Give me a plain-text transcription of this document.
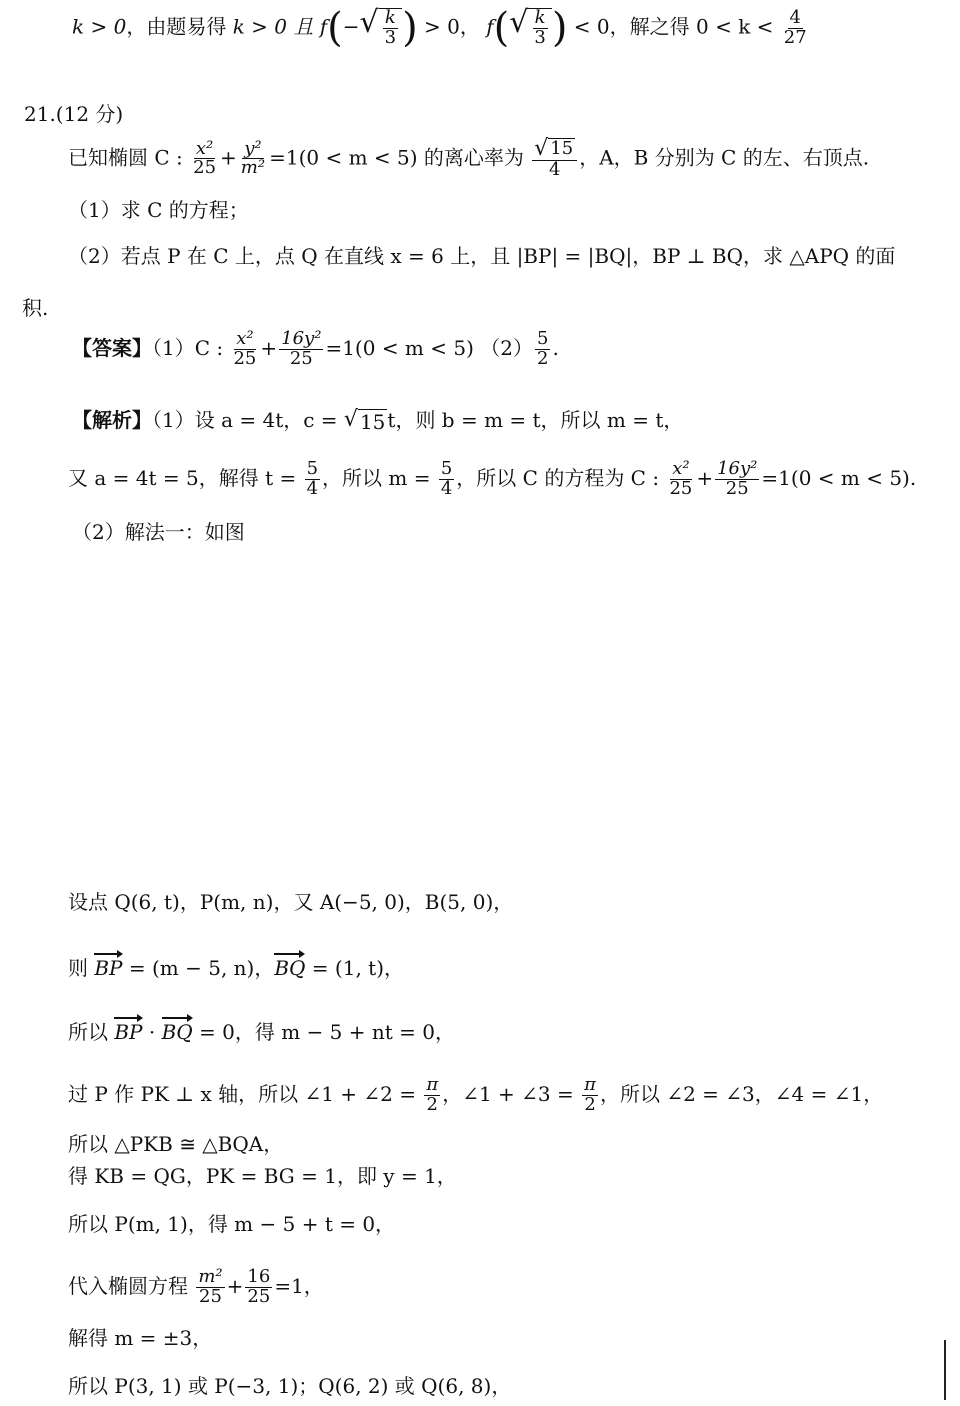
k > 0，由题易得 k > 0 且 f(− √ $\frac{k}{3}$ ) > 0， f( √ $\frac{k}{3}$ ) < 0，解之得 $0 < k < \frac{4}{27}$
21.(12 分)
已知椭圆 C : $\frac{\text{x²}}{25} + \frac{\text{y²}}{\text{m²}} =1(0 < m < 5)$ 的离心率为 $\frac{√ 15}{4}$ ，A，B 分别为 C 的左、右顶点.
（1）求 C 的方程；
（2）若点 P 在 C 上，点 Q 在直线 x = 6 上，且 |BP| = |BQ|，BP ⊥ BQ，求 △APQ 的面
积.
【答案】（1）C : $\frac{\text{x²}}{25} + \frac{\text{16y²}}{25} =1(0 < m < 5)$ $(2) \frac{5}{2}$ .
【解析】（1）设 a = 4t，c = √ 15 t，则 b = m = t，所以 m = t，
又 a = 4t = 5，解得 $t = \frac{5}{4}$ ，所以 $m = \frac{5}{4}$ ，所以 C 的方程为 C : $\frac{\text{x²}}{25} + \frac{\text{16y²}}{25} =1(0 < m < 5)$.
（2）解法一：如图
设点 Q(6, t)，P(m, n)，又 A(−5, 0)，B(5, 0)，
则 BP = (m − 5, n)，BQ = (1, t)，
所以 BP · BQ = 0，得 m − 5 + nt = 0，
过 P 作 PK ⊥ x 轴，所以 ∠1 + ∠2 = $\frac{\pi}{2}$ ，∠1 + ∠3 = $\frac{\pi}{2}$ ，所以 ∠2 = ∠3，∠4 = ∠1，
所以 △PKB ≅ △BQA，
得 KB = QG，PK = BG = 1，即 y = 1，
所以 P(m, 1)，得 m − 5 + t = 0，
代入椭圆方程 $\frac{\text{m²}}{25} + \frac{16}{25} =1$，
解得 m = ±3，
所以 P(3, 1) 或 P(−3, 1)；Q(6, 2) 或 Q(6, 8)，
